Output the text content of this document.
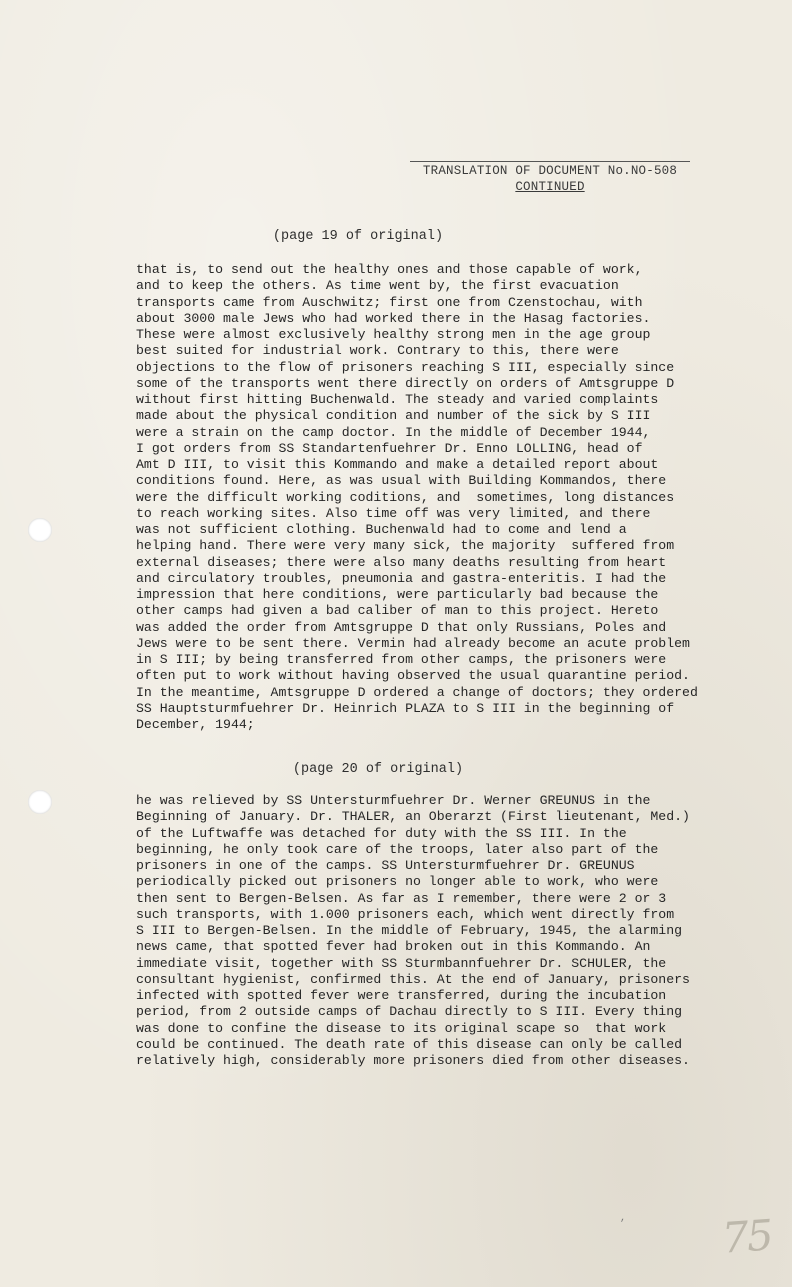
TRANSLATION OF DOCUMENT No.NO-508
CONTINUED
(page 19 of original)
that is, to send out the healthy ones and those capable of work,
and to keep the others. As time went by, the first evacuation
transports came from Auschwitz; first one from Czenstochau, with
about 3000 male Jews who had worked there in the Hasag factories.
These were almost exclusively healthy strong men in the age group
best suited for industrial work. Contrary to this, there were
objections to the flow of prisoners reaching S III, especially since
some of the transports went there directly on orders of Amtsgruppe D
without first hitting Buchenwald. The steady and varied complaints
made about the physical condition and number of the sick by S III
were a strain on the camp doctor. In the middle of December 1944,
I got orders from SS Standartenfuehrer Dr. Enno LOLLING, head of
Amt D III, to visit this Kommando and make a detailed report about
conditions found. Here, as was usual with Building Kommandos, there
were the difficult working coditions, and  sometimes, long distances
to reach working sites. Also time off was very limited, and there
was not sufficient clothing. Buchenwald had to come and lend a
helping hand. There were very many sick, the majority  suffered from
external diseases; there were also many deaths resulting from heart
and circulatory troubles, pneumonia and gastra-enteritis. I had the
impression that here conditions, were particularly bad because the
other camps had given a bad caliber of man to this project. Hereto
was added the order from Amtsgruppe D that only Russians, Poles and
Jews were to be sent there. Vermin had already become an acute problem
in S III; by being transferred from other camps, the prisoners were
often put to work without having observed the usual quarantine period.
In the meantime, Amtsgruppe D ordered a change of doctors; they ordered
SS Hauptsturmfuehrer Dr. Heinrich PLAZA to S III in the beginning of
December, 1944;
(page 20 of original)
he was relieved by SS Untersturmfuehrer Dr. Werner GREUNUS in the
Beginning of January. Dr. THALER, an Oberarzt (First lieutenant, Med.)
of the Luftwaffe was detached for duty with the SS III. In the
beginning, he only took care of the troops, later also part of the
prisoners in one of the camps. SS Untersturmfuehrer Dr. GREUNUS
periodically picked out prisoners no longer able to work, who were
then sent to Bergen-Belsen. As far as I remember, there were 2 or 3
such transports, with 1.000 prisoners each, which went directly from
S III to Bergen-Belsen. In the middle of February, 1945, the alarming
news came, that spotted fever had broken out in this Kommando. An
immediate visit, together with SS Sturmbannfuehrer Dr. SCHULER, the
consultant hygienist, confirmed this. At the end of January, prisoners
infected with spotted fever were transferred, during the incubation
period, from 2 outside camps of Dachau directly to S III. Every thing
was done to confine the disease to its original scape so  that work
could be continued. The death rate of this disease can only be called
relatively high, considerably more prisoners died from other diseases.
, 75
